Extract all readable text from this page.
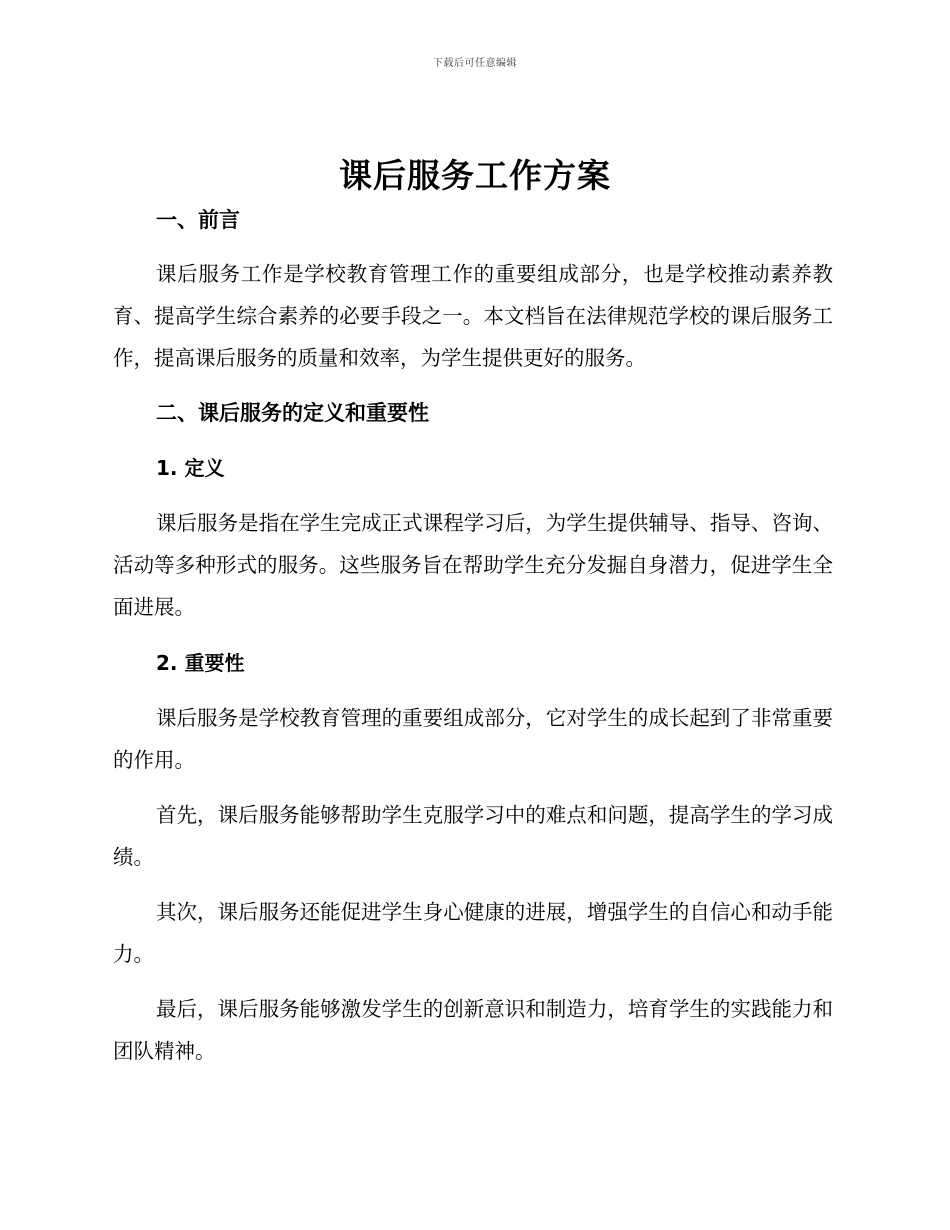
下载后可任意编辑
课后服务工作方案
一、前言
课后服务工作是学校教育管理工作的重要组成部分，也是学校推动素养教育、提高学生综合素养的必要手段之一。本文档旨在法律规范学校的课后服务工作，提高课后服务的质量和效率，为学生提供更好的服务。
二、课后服务的定义和重要性
1. 定义
课后服务是指在学生完成正式课程学习后，为学生提供辅导、指导、咨询、活动等多种形式的服务。这些服务旨在帮助学生充分发掘自身潜力，促进学生全面进展。
2. 重要性
课后服务是学校教育管理的重要组成部分，它对学生的成长起到了非常重要的作用。
首先，课后服务能够帮助学生克服学习中的难点和问题，提高学生的学习成绩。
其次，课后服务还能促进学生身心健康的进展，增强学生的自信心和动手能力。
最后，课后服务能够激发学生的创新意识和制造力，培育学生的实践能力和团队精神。
